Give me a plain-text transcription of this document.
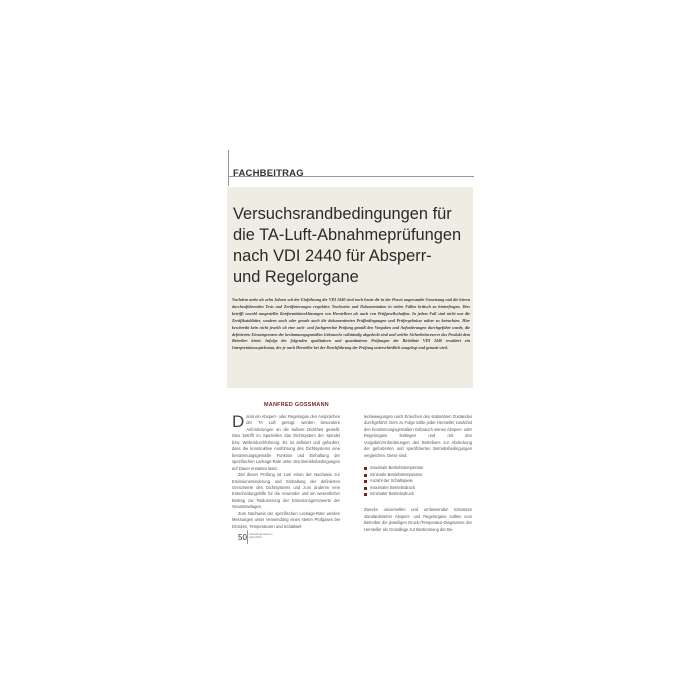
FACHBEITRAG
Versuchsrandbedingungen für
die TA-Luft-Abnahmeprüfungen
nach VDI 2440 für Absperr-
und Regelorgane

Nachdem mehr als zehn Jahren seit der Einführung der VDI 2440 sind noch heute die in der Praxis angewandte Umsetzung und die hierzu durchzuführenden Tests und Zertifizierungen respektive Nachweise und Dokumentation in vielen Fällen kritisch zu hinterfragen. Dies betrifft sowohl ausgestellte Konformitätserklärungen von Herstellern als auch von Prüfgesellschaften. In jedem Fall sind nicht nur die Zertifikatsblätter, sondern auch oder gerade auch die dokumentierten Prüfbedingungen und Prüfergebnisse näher zu betrachten. Hier beschreibt kein nicht jeweils ob eine sach- und fachgerechte Prüfung gemäß den Vorgaben und Anforderungen durchgeführt wurde, die definierten Einsatzgrenzen der bestimmungsgemäßen Gebrauchs vollständig abgedeckt sind und welche Sicherheitsreserve das Produkt dem Betreiber bietet. Infolge der folgenden qualitativen und quantitativen Prüfungen der Richtlinie VDI 2440 resultiert ein Interpretationsspielraum, der je nach Hersteller bei der Durchführung der Prüfung unterschiedlich ausgelegt und genutzt wird.

MANFRED GOSSMANN

Damit ein Absperr- oder Regelorgan den Ansprüchen der TA Luft genügt, werden besondere Anforderungen an die äußere Dichtheit gestellt. Dies betrifft im Speziellen das Dichtsystem der Spindel bzw. Wellendurchführung. Es ist definiert und gefordert, dass die konstruktive Ausführung des Dichtsystems eine bestimmungsgemäße Funktion und Einhaltung der spezifischen Leckage-Rate unter den Betriebsbedingungen auf Dauer erwarten lässt.

Ziel dieser Prüfung ist zum einen der Nachweis zur Emissionsminderung und Einhaltung der definierten Grenzwerte des Dichtsystems und zum anderen eine Entscheidungshilfe für die Anwender und ein wesentlicher Beitrag zur Reduzierung der Emissionsgrenzwerte der Gesamtanlagen.

Zum Nachweis der spezifischen Leckage-Rate werden Messungen unter Verwendung eines steten Prüfgases bei Drücken, Temperaturen und Schaltwel-

lenbewegungen nach Erreichen des stationären Zustandes durchgeführt. Dem zu Folge sollte jeder Hersteller zunächst den bestimmungsgemäßen Gebrauch seines Absperr- oder Regelorgans festlegen und mit den Vorgaben/Anforderungen des Betreibers zur Abdeckung der geforderten und spezifizierten Betriebsbedingungen vergleichen. Diese sind:

maximale Betriebstemperatur
minimale Betriebstemperatur
Anzahl der Schaltspiele
maximaler Betriebsdruck
minimaler Betriebsdruck

Zwecks universellen und umfassenden Einsatzes standardisierter Absperr- und Regelorgane sollten vom Betreiber die jeweiligen Druck-/Temperatur-Diagramme der Hersteller als Grundlage zur Bestimmung der Be-

50 Industriearmaturen
April 2013
